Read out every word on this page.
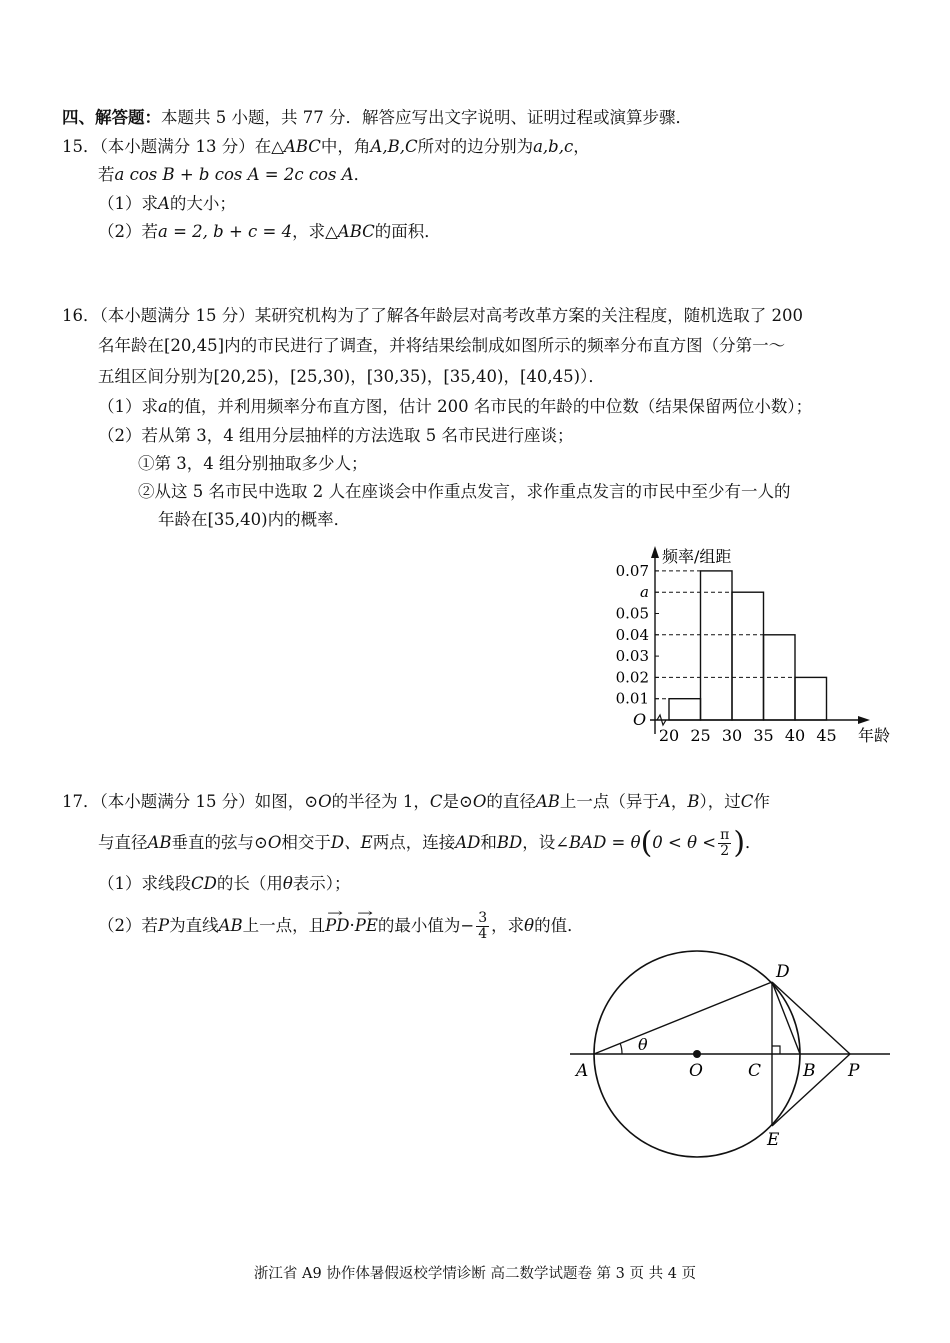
四、解答题：本题共 5 小题，共 77 分．解答应写出文字说明、证明过程或演算步骤．
15．（本小题满分 13 分）在△ABC中，角A,B,C所对的边分别为a,b,c，
若a cos B + b cos A = 2c cos A．
（1）求A的大小；
（2）若a = 2, b + c = 4，求△ABC的面积．
16．（本小题满分 15 分）某研究机构为了了解各年龄层对高考改革方案的关注程度，随机选取了 200
名年龄在[20,45]内的市民进行了调查，并将结果绘制成如图所示的频率分布直方图（分第一～
五组区间分别为[20,25)，[25,30)，[30,35)，[35,40)，[40,45)）．
（1）求a的值，并利用频率分布直方图，估计 200 名市民的年龄的中位数（结果保留两位小数）；
（2）若从第 3，4 组用分层抽样的方法选取 5 名市民进行座谈；
①第 3，4 组分别抽取多少人；
②从这 5 名市民中选取 2 人在座谈会中作重点发言，求作重点发言的市民中至少有一人的
年龄在[35,40)内的概率．
频率/组距
年龄
O
0.07
a
0.05
0.04
0.03
0.02
0.01
20 25 30 35 40 45
17．（本小题满分 15 分）如图，⊙O的半径为 1，C是⊙O的直径AB上一点（异于A，B），过C作
与直径AB垂直的弦与⊙O相交于D、E两点，连接AD和BD，设∠BAD = $\theta(0 < \theta < \frac{\pi}{2}$ )．
（1）求线段CD的长（用θ表示）；
（2）若P为直线AB上一点，且→ PD·→ PE的最小值为− $\frac{3}{4}$ ，求θ的值．
A	O	C B P
D
E
θ
浙江省 A9 协作体暑假返校学情诊断 高二数学试题卷 第 3 页 共 4 页
